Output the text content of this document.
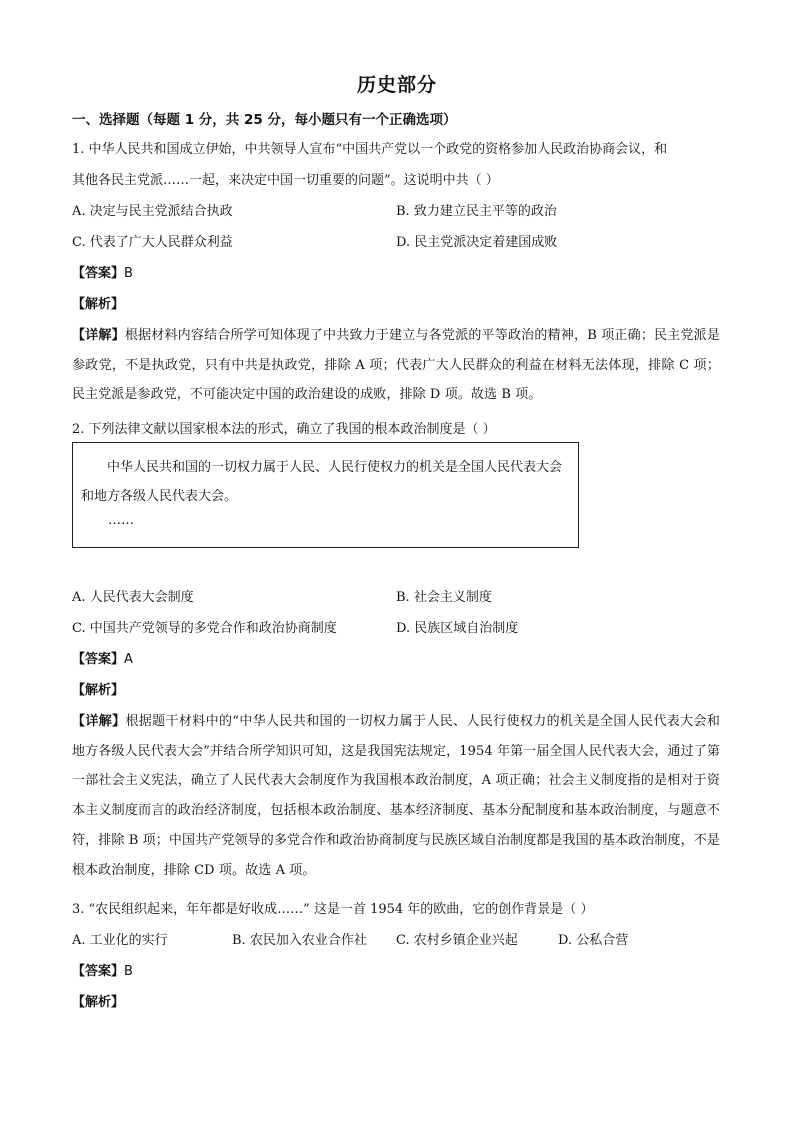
历史部分
一、选择题（每题 1 分，共 25 分，每小题只有一个正确选项）
1. 中华人民共和国成立伊始，中共领导人宣布“中国共产党以一个政党的资格参加人民政治协商会议，和
其他各民主党派……一起，来决定中国一切重要的问题”。这说明中共（ ）
A. 决定与民主党派结合执政	B. 致力建立民主平等的政治
C. 代表了广大人民群众利益	D. 民主党派决定着建国成败
【答案】B
【解析】
【详解】根据材料内容结合所学可知体现了中共致力于建立与各党派的平等政治的精神，B 项正确；民主党派是参政党，不是执政党，只有中共是执政党，排除 A 项；代表广大人民群众的利益在材料无法体现，排除 C 项；民主党派是参政党，不可能决定中国的政治建设的成败，排除 D 项。故选 B 项。
2. 下列法律文献以国家根本法的形式，确立了我国的根本政治制度是（ ）
中华人民共和国的一切权力属于人民、人民行使权力的机关是全国人民代表大会和地方各级人民代表大会。
……
A. 人民代表大会制度	B. 社会主义制度
C. 中国共产党领导的多党合作和政治协商制度	D. 民族区域自治制度
【答案】A
【解析】
【详解】根据题干材料中的“中华人民共和国的一切权力属于人民、人民行使权力的机关是全国人民代表大会和地方各级人民代表大会”并结合所学知识可知，这是我国宪法规定，1954 年第一届全国人民代表大会，通过了第一部社会主义宪法，确立了人民代表大会制度作为我国根本政治制度，A 项正确；社会主义制度指的是相对于资本主义制度而言的政治经济制度，包括根本政治制度、基本经济制度、基本分配制度和基本政治制度，与题意不符，排除 B 项；中国共产党领导的多党合作和政治协商制度与民族区域自治制度都是我国的基本政治制度，不是根本政治制度，排除 CD 项。故选 A 项。
3. “农民组织起来，年年都是好收成……” 这是一首 1954 年的欧曲，它的创作背景是（ ）
A. 工业化的实行	B. 农民加入农业合作社 C. 农村乡镇企业兴起	D. 公私合营
【答案】B
【解析】
